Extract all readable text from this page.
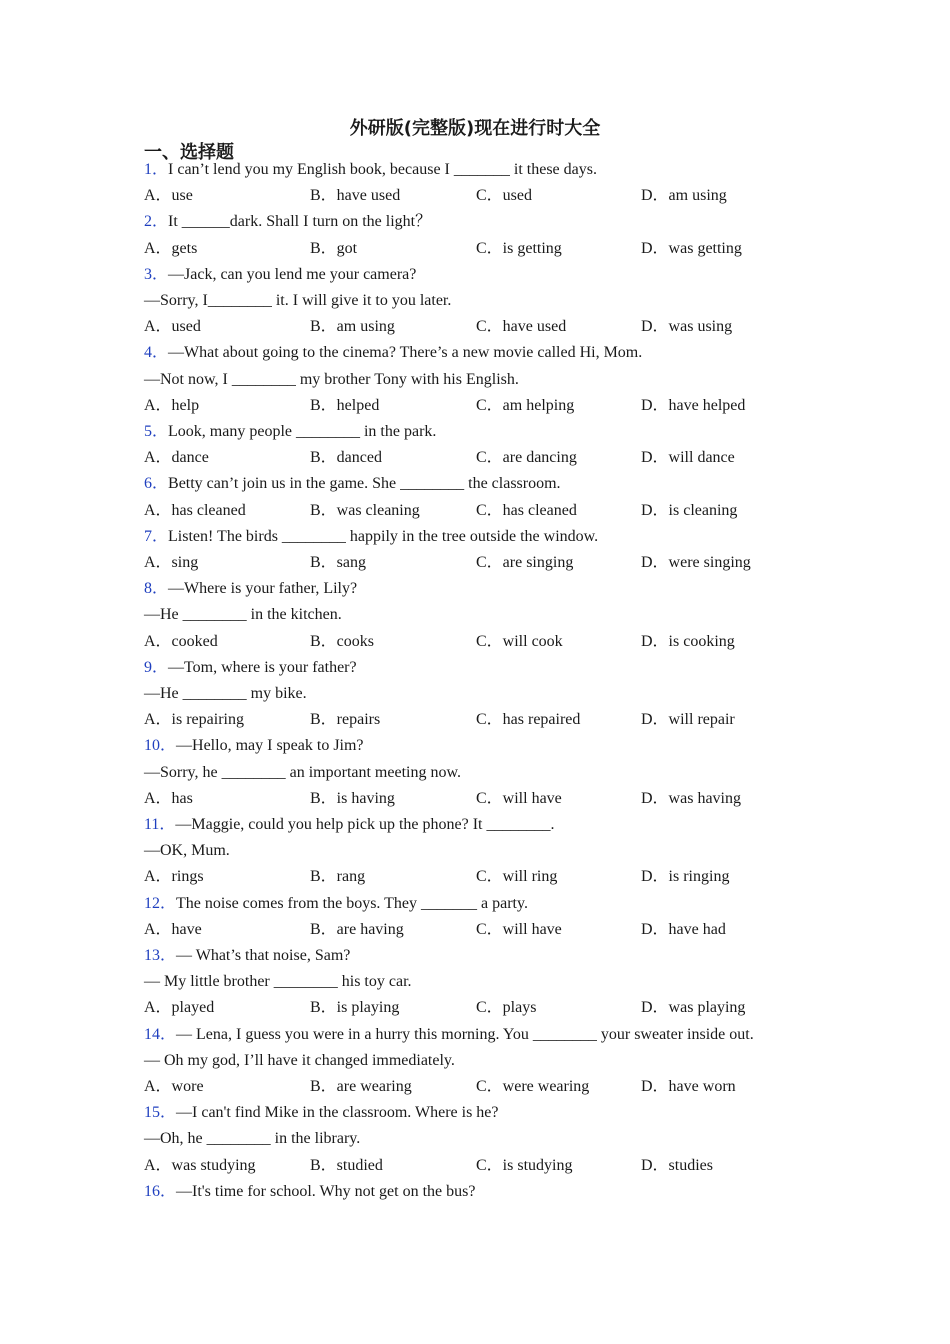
外研版(完整版)现在进行时大全
一、选择题
1．I can’t lend you my English book, because I _______ it these days.
A．use	B．have used	C．used	D．am using
2．It ______dark. Shall I turn on the light？
A．gets	B．got	C．is getting	D．was getting
3．—Jack, can you lend me your camera?
—Sorry, I________ it. I will give it to you later.
A．used	B．am using	C．have used	D．was using
4．—What about going to the cinema? There’s a new movie called Hi, Mom.
—Not now, I ________ my brother Tony with his English.
A．help	B．helped	C．am helping	D．have helped
5．Look, many people ________ in the park.
A．dance	B．danced	C．are dancing	D．will dance
6．Betty can’t join us in the game. She ________ the classroom.
A．has cleaned	B．was cleaning	C．has cleaned	D．is cleaning
7．Listen! The birds ________ happily in the tree outside the window.
A．sing	B．sang	C．are singing	D．were singing
8．—Where is your father, Lily?
—He ________ in the kitchen.
A．cooked	B．cooks	C．will cook	D．is cooking
9．—Tom, where is your father?
—He ________ my bike.
A．is repairing	B．repairs	C．has repaired	D．will repair
10．—Hello, may I speak to Jim?
—Sorry, he ________ an important meeting now.
A．has	B．is having	C．will have	D．was having
11．—Maggie, could you help pick up the phone? It ________.
—OK, Mum.
A．rings	B．rang	C．will ring	D．is ringing
12．The noise comes from the boys. They _______ a party.
A．have	B．are having	C．will have	D．have had
13．— What’s that noise, Sam?
— My little brother ________ his toy car.
A．played	B．is playing	C．plays	D．was playing
14．— Lena, I guess you were in a hurry this morning. You ________ your sweater inside out.
— Oh my god, I’ll have it changed immediately.
A．wore	B．are wearing	C．were wearing	D．have worn
15．—I can't find Mike in the classroom. Where is he?
—Oh, he ________ in the library.
A．was studying	B．studied	C．is studying	D．studies
16．—It's time for school. Why not get on the bus?
